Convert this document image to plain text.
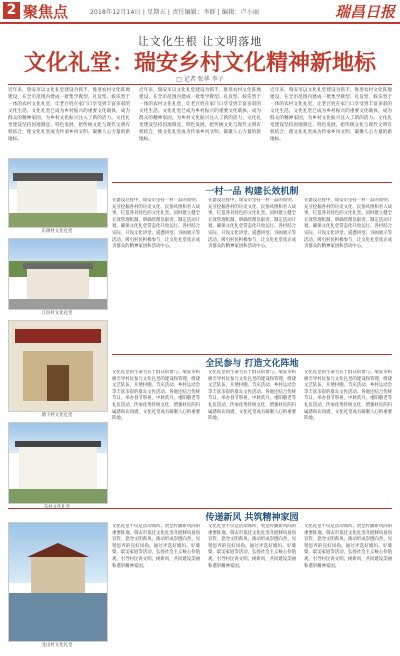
2 聚焦点	2018年12月14日 | 星期五 | 责任编辑：李群 | 编辑：卢小丽	瑞昌日报
让文化生根 让文明落地
文化礼堂：瑞安乡村文化精神新地标
□ 记者 张华 李子
近年来，瑞安市以文化礼堂建设为抓手，推进农村文化阵地建设，在全市范围内建成一批集学教型、礼仪型、娱乐型于一体的农村文化礼堂，让老百姓在家门口享受到丰富多彩的文化生活。文化礼堂已成为乡村振兴的重要文化载体，成为群众的精神家园，为乡村文化振兴注入了新的活力。文化礼堂建设坚持因地制宜、特色发展，把传统文化与现代文明有机结合，使文化礼堂成为传承乡风文明、凝聚人心力量的新地标。
近年来，瑞安市以文化礼堂建设为抓手，推进农村文化阵地建设，在全市范围内建成一批集学教型、礼仪型、娱乐型于一体的农村文化礼堂，让老百姓在家门口享受到丰富多彩的文化生活。文化礼堂已成为乡村振兴的重要文化载体，成为群众的精神家园，为乡村文化振兴注入了新的活力。文化礼堂建设坚持因地制宜、特色发展，把传统文化与现代文明有机结合，使文化礼堂成为传承乡风文明、凝聚人心力量的新地标。
近年来，瑞安市以文化礼堂建设为抓手，推进农村文化阵地建设，在全市范围内建成一批集学教型、礼仪型、娱乐型于一体的农村文化礼堂，让老百姓在家门口享受到丰富多彩的文化生活。文化礼堂已成为乡村振兴的重要文化载体，成为群众的精神家园，为乡村文化振兴注入了新的活力。文化礼堂建设坚持因地制宜、特色发展，把传统文化与现代文明有机结合，使文化礼堂成为传承乡风文明、凝聚人心力量的新地标。
东源村文化礼堂
江滨村文化礼堂
塘下村文化礼堂
一村一品 构建长效机制
在建设过程中，瑞安市坚持一村一品的原则，充分挖掘各村的历史文化、民俗风情和名人故事，打造各具特色的文化礼堂。同时建立健全长效管理机制，明确管理员职责，制定活动计划，确保文化礼堂常态化开放运行。各村结合实际，开设文化讲堂、道德讲堂、书画展示等活动，吸引村民积极参与，让文化礼堂真正成为群众的精神家园和活动中心。
在建设过程中，瑞安市坚持一村一品的原则，充分挖掘各村的历史文化、民俗风情和名人故事，打造各具特色的文化礼堂。同时建立健全长效管理机制，明确管理员职责，制定活动计划，确保文化礼堂常态化开放运行。各村结合实际，开设文化讲堂、道德讲堂、书画展示等活动，吸引村民积极参与，让文化礼堂真正成为群众的精神家园和活动中心。
在建设过程中，瑞安市坚持一村一品的原则，充分挖掘各村的历史文化、民俗风情和名人故事，打造各具特色的文化礼堂。同时建立健全长效管理机制，明确管理员职责，制定活动计划，确保文化礼堂常态化开放运行。各村结合实际，开设文化讲堂、道德讲堂、书画展示等活动，吸引村民积极参与，让文化礼堂真正成为群众的精神家园和活动中心。
全民参与 打造文化阵地
文化礼堂的生命力在于群众的参与。瑞安市积极引导村民参与文化礼堂的建设和管理，组建文艺队伍，开展村晚、节庆活动、乡村运动会等丰富多彩的群众文化活动。各地还结合传统节日，举办春节祭祖、中秋赏月、重阳敬老等礼仪活动，传承优秀传统文化，增强村民的归属感和认同感，文化礼堂成为凝聚人心的重要阵地。
文化礼堂的生命力在于群众的参与。瑞安市积极引导村民参与文化礼堂的建设和管理，组建文艺队伍，开展村晚、节庆活动、乡村运动会等丰富多彩的群众文化活动。各地还结合传统节日，举办春节祭祖、中秋赏月、重阳敬老等礼仪活动，传承优秀传统文化，增强村民的归属感和认同感，文化礼堂成为凝聚人心的重要阵地。
文化礼堂的生命力在于群众的参与。瑞安市积极引导村民参与文化礼堂的建设和管理，组建文艺队伍，开展村晚、节庆活动、乡村运动会等丰富多彩的群众文化活动。各地还结合传统节日，举办春节祭祖、中秋赏月、重阳敬老等礼仪活动，传承优秀传统文化，增强村民的归属感和认同感，文化礼堂成为凝聚人心的重要阵地。
传递新风 共筑精神家园
龙山村文化礼堂
文化礼堂不仅是活动场所，更是传播新风尚的重要阵地。瑞安市依托文化礼堂开展移风易俗宣传，倡导文明新风，推动形成崇德向善、见贤思齐的良好风尚。通过评选好媳妇、好婆婆、最美家庭等活动，弘扬社会主义核心价值观，引导村民讲文明、树新风，共同建设美丽和谐的精神家园。
文化礼堂不仅是活动场所，更是传播新风尚的重要阵地。瑞安市依托文化礼堂开展移风易俗宣传，倡导文明新风，推动形成崇德向善、见贤思齐的良好风尚。通过评选好媳妇、好婆婆、最美家庭等活动，弘扬社会主义核心价值观，引导村民讲文明、树新风，共同建设美丽和谐的精神家园。
文化礼堂不仅是活动场所，更是传播新风尚的重要阵地。瑞安市依托文化礼堂开展移风易俗宣传，倡导文明新风，推动形成崇德向善、见贤思齐的良好风尚。通过评选好媳妇、好婆婆、最美家庭等活动，弘扬社会主义核心价值观，引导村民讲文明、树新风，共同建设美丽和谐的精神家园。
